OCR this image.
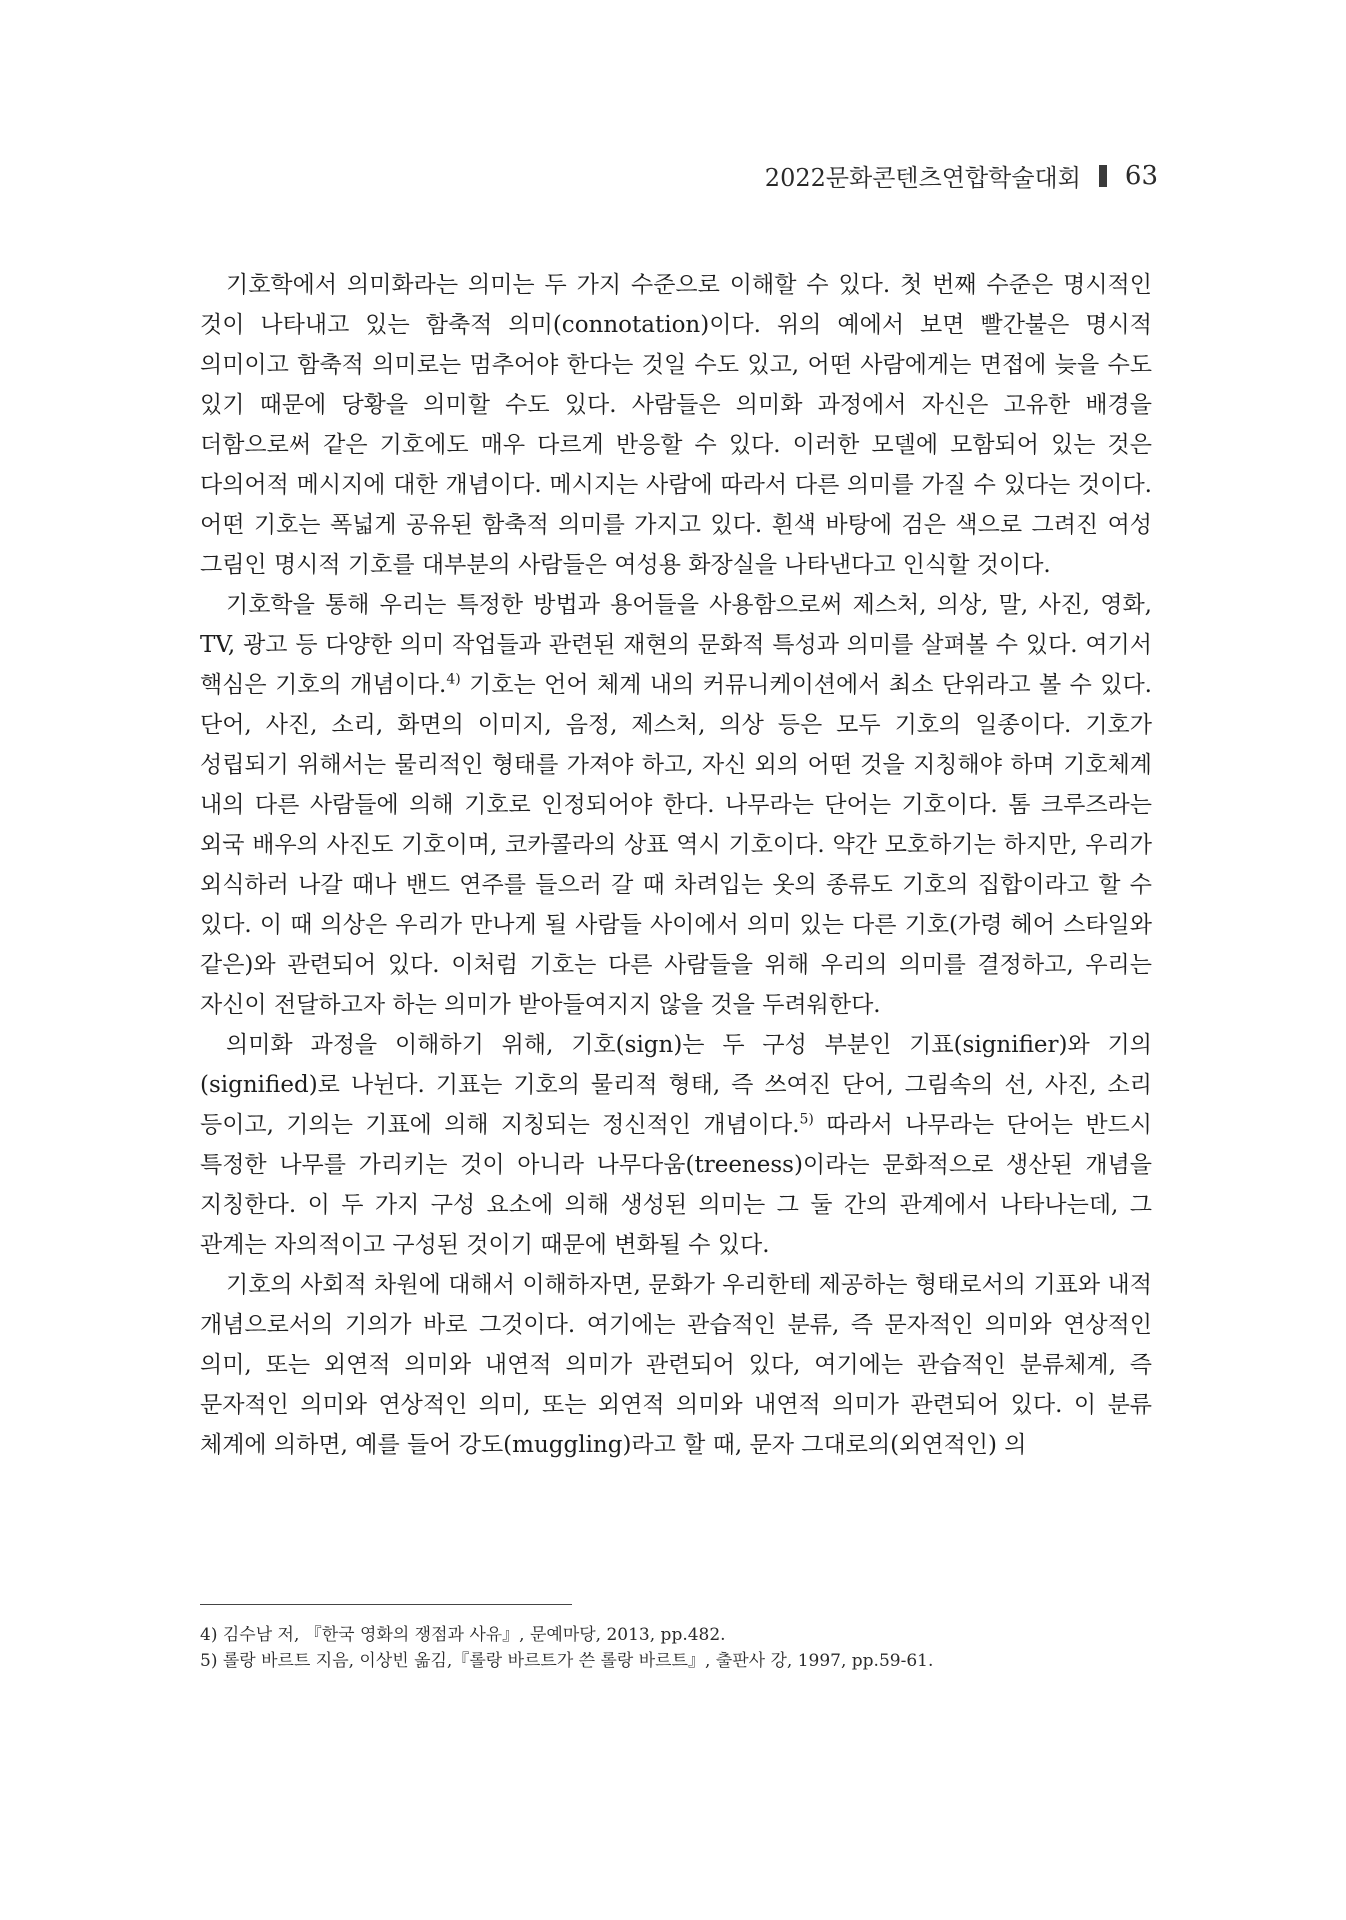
2022문화콘텐츠연합학술대회 63

기호학에서 의미화라는 의미는 두 가지 수준으로 이해할 수 있다. 첫 번째 수준은 명시적인 것이 나타내고 있는 함축적 의미(connotation)이다. 위의 예에서 보면 빨간불은 명시적 의미이고 함축적 의미로는 멈추어야 한다는 것일 수도 있고, 어떤 사람에게는 면접에 늦을 수도 있기 때문에 당황을 의미할 수도 있다. 사람들은 의미화 과정에서 자신은 고유한 배경을 더함으로써 같은 기호에도 매우 다르게 반응할 수 있다. 이러한 모델에 모함되어 있는 것은 다의어적 메시지에 대한 개념이다. 메시지는 사람에 따라서 다른 의미를 가질 수 있다는 것이다. 어떤 기호는 폭넓게 공유된 함축적 의미를 가지고 있다. 흰색 바탕에 검은 색으로 그려진 여성 그림인 명시적 기호를 대부분의 사람들은 여성용 화장실을 나타낸다고 인식할 것이다.

기호학을 통해 우리는 특정한 방법과 용어들을 사용함으로써 제스처, 의상, 말, 사진, 영화, TV, 광고 등 다양한 의미 작업들과 관련된 재현의 문화적 특성과 의미를 살펴볼 수 있다. 여기서 핵심은 기호의 개념이다.$^{4)}$ 기호는 언어 체계 내의 커뮤니케이션에서 최소 단위라고 볼 수 있다. 단어, 사진, 소리, 화면의 이미지, 음정, 제스처, 의상 등은 모두 기호의 일종이다. 기호가 성립되기 위해서는 물리적인 형태를 가져야 하고, 자신 외의 어떤 것을 지칭해야 하며 기호체계 내의 다른 사람들에 의해 기호로 인정되어야 한다. 나무라는 단어는 기호이다. 톰 크루즈라는 외국 배우의 사진도 기호이며, 코카콜라의 상표 역시 기호이다. 약간 모호하기는 하지만, 우리가 외식하러 나갈 때나 밴드 연주를 들으러 갈 때 차려입는 옷의 종류도 기호의 집합이라고 할 수 있다. 이 때 의상은 우리가 만나게 될 사람들 사이에서 의미 있는 다른 기호(가령 헤어 스타일와 같은)와 관련되어 있다. 이처럼 기호는 다른 사람들을 위해 우리의 의미를 결정하고, 우리는 자신이 전달하고자 하는 의미가 받아들여지지 않을 것을 두려워한다.

의미화 과정을 이해하기 위해, 기호(sign)는 두 구성 부분인 기표(signifier)와 기의(signified)로 나뉜다. 기표는 기호의 물리적 형태, 즉 쓰여진 단어, 그림속의 선, 사진, 소리 등이고, 기의는 기표에 의해 지칭되는 정신적인 개념이다.$^{5)}$ 따라서 나무라는 단어는 반드시 특정한 나무를 가리키는 것이 아니라 나무다움(treeness)이라는 문화적으로 생산된 개념을 지칭한다. 이 두 가지 구성 요소에 의해 생성된 의미는 그 둘 간의 관계에서 나타나는데, 그 관계는 자의적이고 구성된 것이기 때문에 변화될 수 있다.

기호의 사회적 차원에 대해서 이해하자면, 문화가 우리한테 제공하는 형태로서의 기표와 내적 개념으로서의 기의가 바로 그것이다. 여기에는 관습적인 분류, 즉 문자적인 의미와 연상적인 의미, 또는 외연적 의미와 내연적 의미가 관련되어 있다, 여기에는 관습적인 분류체계, 즉 문자적인 의미와 연상적인 의미, 또는 외연적 의미와 내연적 의미가 관련되어 있다. 이 분류 체계에 의하면, 예를 들어 강도(muggling)라고 할 때, 문자 그대로의(외연적인) 의

4) 김수남 저, 『한국 영화의 쟁점과 사유』, 문예마당, 2013, pp.482.
5) 롤랑 바르트 지음, 이상빈 옮김,『롤랑 바르트가 쓴 롤랑 바르트』, 출판사 강, 1997, pp.59-61.
